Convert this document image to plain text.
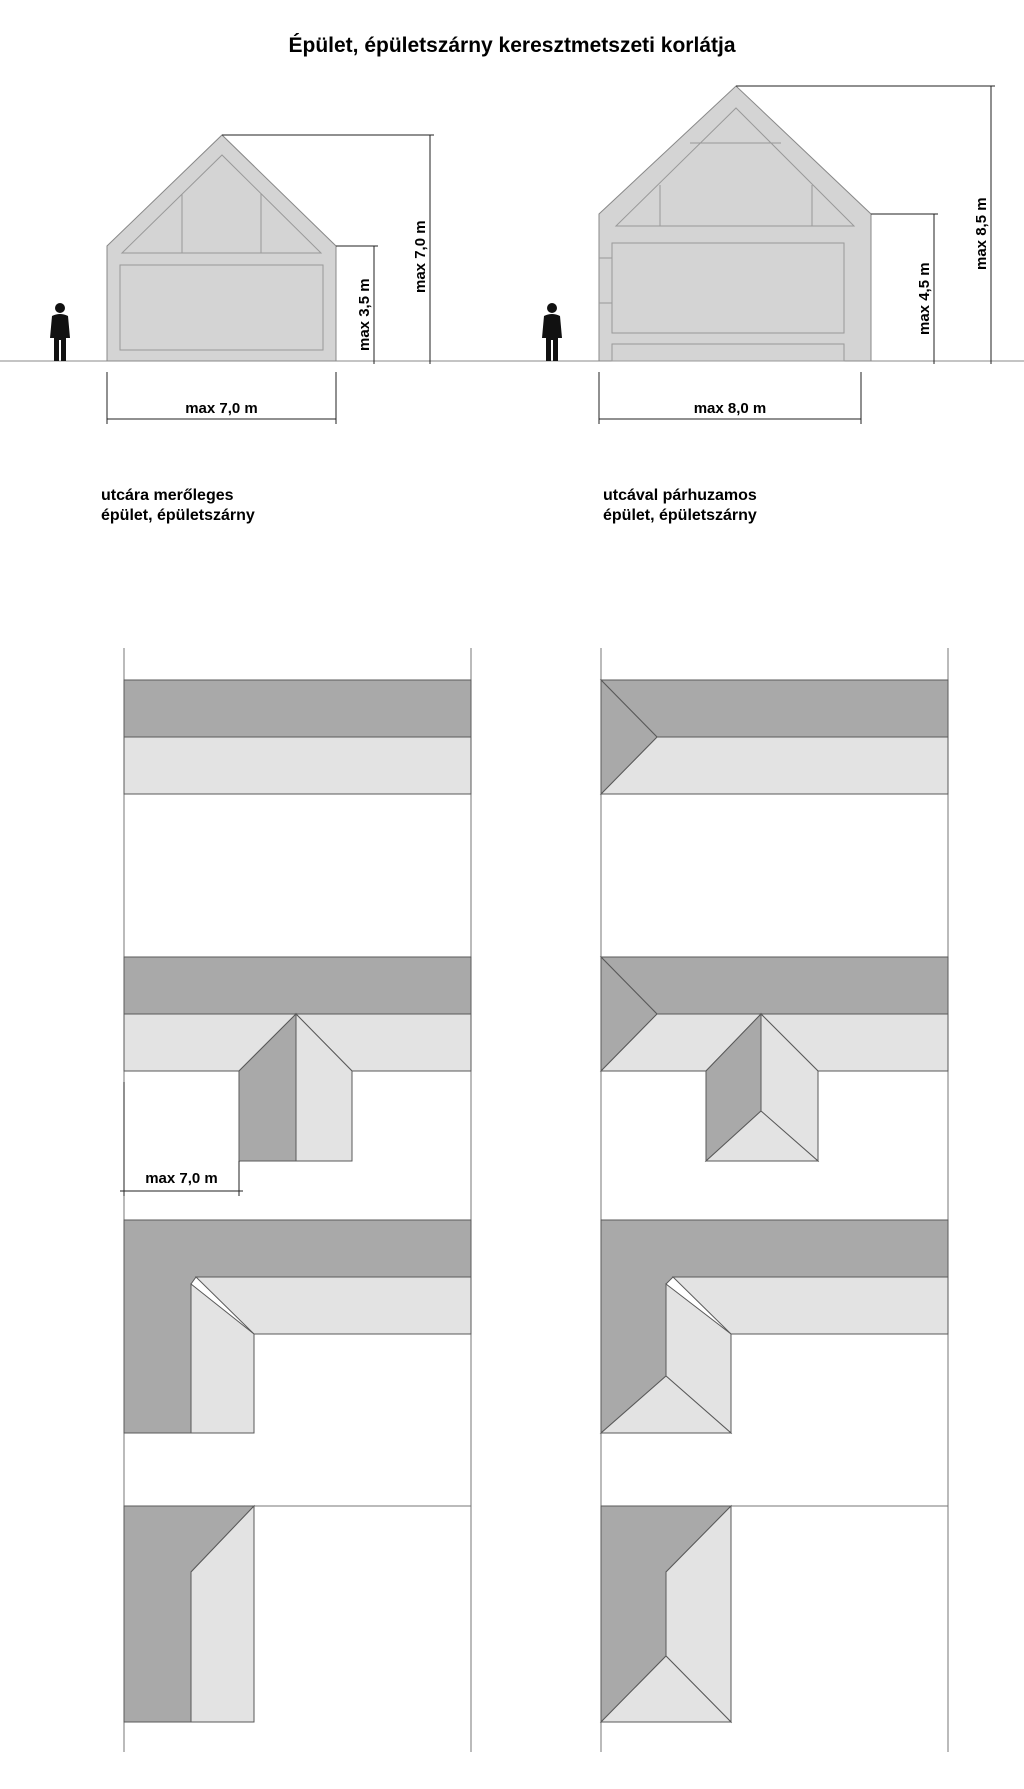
Épület, épületszárny keresztmetszeti korlátja
max 7,0 m	max 8,0 m
max 3,5 m
max 7,0 m
max 4,5 m
max 8,5 m
utcára merőleges
épület, épületszárny
utcával párhuzamos
épület, épületszárny
max 7,0 m
